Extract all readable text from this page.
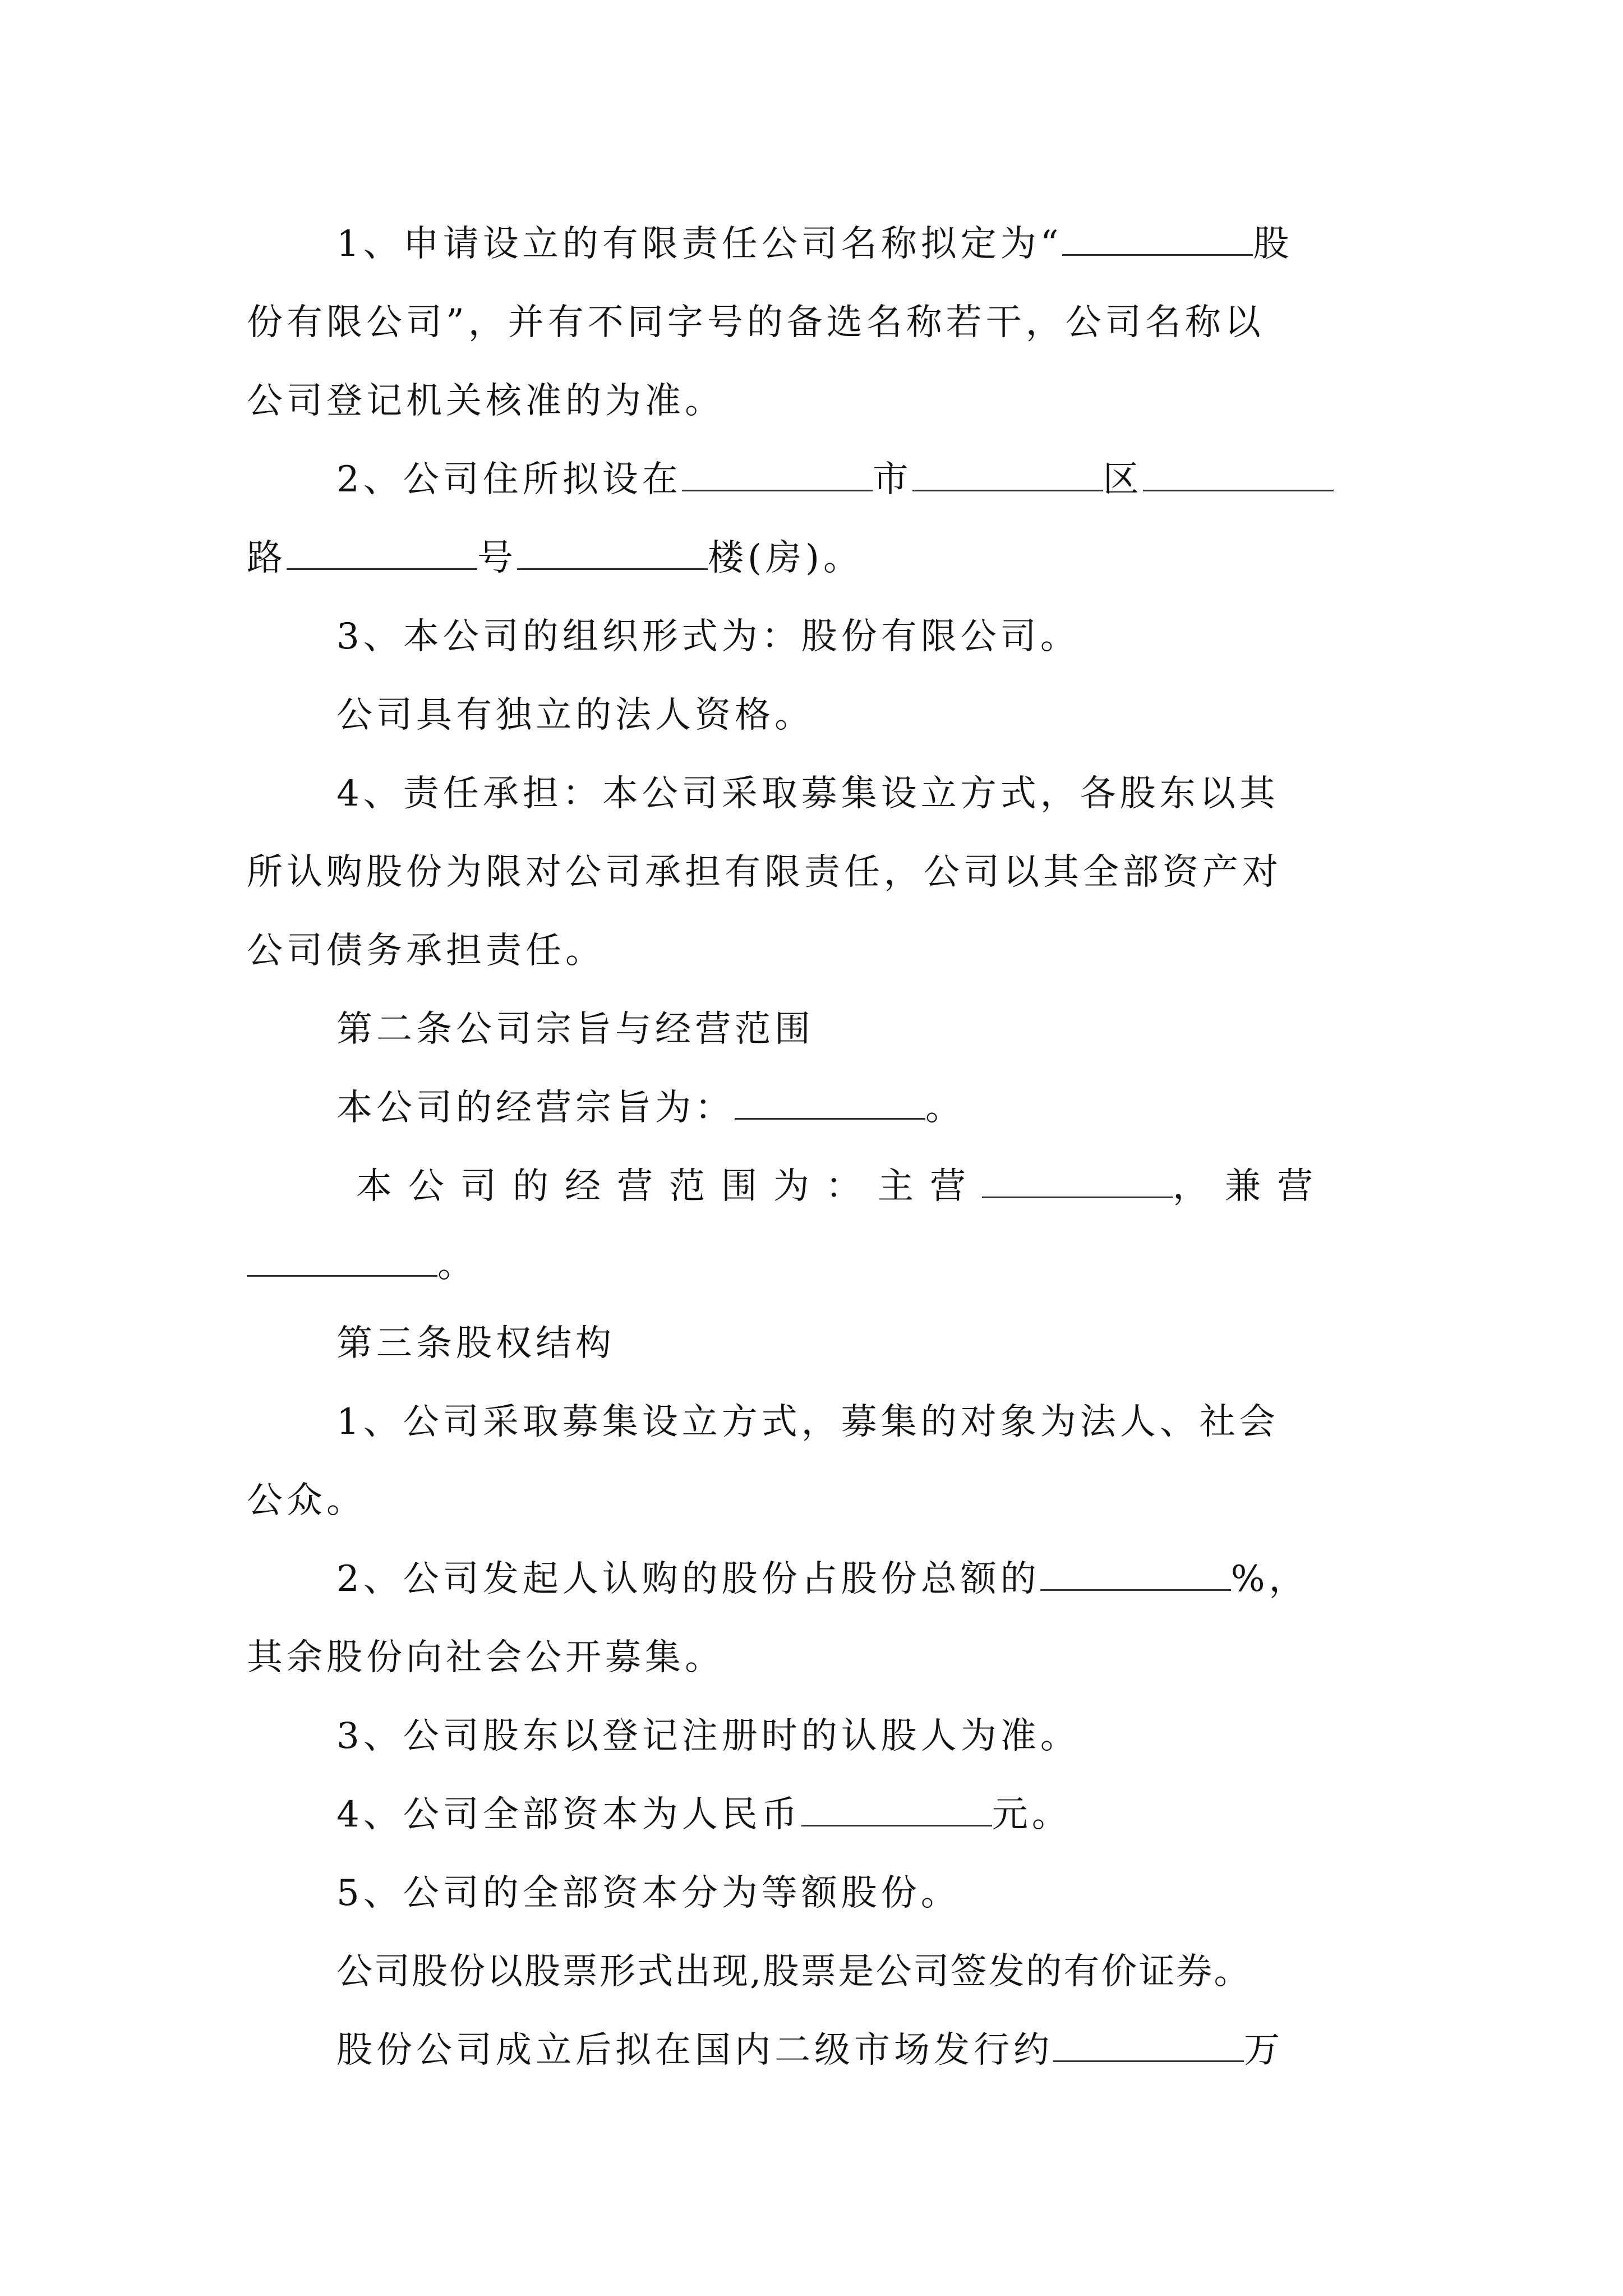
1、申请设立的有限责任公司名称拟定为“	股
份有限公司”，并有不同字号的备选名称若干，公司名称以
公司登记机关核准的为准。
2、公司住所拟设在	市	区
路	号	楼(房)。
3、本公司的组织形式为：股份有限公司。
公司具有独立的法人资格。
4、责任承担：本公司采取募集设立方式，各股东以其
所认购股份为限对公司承担有限责任，公司以其全部资产对
公司债务承担责任。
第二条公司宗旨与经营范围
本公司的经营宗旨为：	。
本公司的经营范围为：主营	，兼营
。
第三条股权结构
1、公司采取募集设立方式，募集的对象为法人、社会
公众。
2、公司发起人认购的股份占股份总额的	%，
其余股份向社会公开募集。
3、公司股东以登记注册时的认股人为准。
4、公司全部资本为人民币	元。
5、公司的全部资本分为等额股份。
公司股份以股票形式出现,股票是公司签发的有价证券。
股份公司成立后拟在国内二级市场发行约	万
